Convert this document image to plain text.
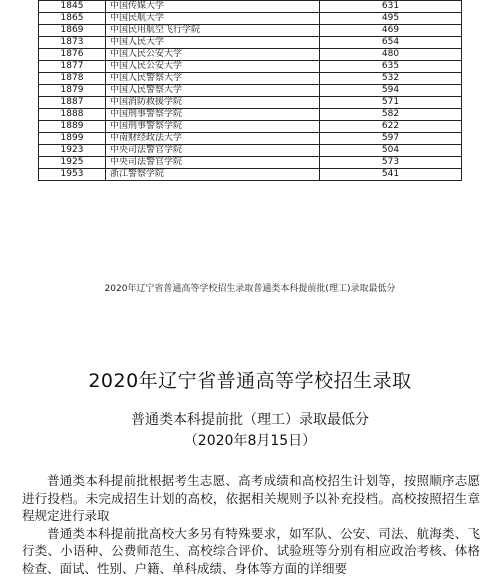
1845	中国传媒大学	631
1865	中国民航大学	495
1869	中国民用航空飞行学院	469
1873	中国人民大学	654
1876	中国人民公安大学	480
1877	中国人民公安大学	635
1878	中国人民警察大学	532
1879	中国人民警察大学	594
1887	中国消防救援学院	571
1888	中国刑事警察学院	582
1889	中国刑事警察学院	622
1899	中南财经政法大学	597
1923	中央司法警官学院	504
1925	中央司法警官学院	573
1953	浙江警察学院	541
2020年辽宁省普通高等学校招生录取普通类本科提前批(理工)录取最低分
2020年辽宁省普通高等学校招生录取
普通类本科提前批（理工）录取最低分
（2020年8月15日）

普通类本科提前批根据考生志愿、高考成绩和高校招生计划等，按照顺序志愿进行投档。未完成招生计划的高校，依据相关规则予以补充投档。高校按照招生章程规定进行录取

普通类本科提前批高校大多另有特殊要求，如军队、公安、司法、航海类、飞行类、小语种、公费师范生、高校综合评价、试验班等分别有相应政治考核、体格检查、面试、性别、户籍、单科成绩、身体等方面的详细要
